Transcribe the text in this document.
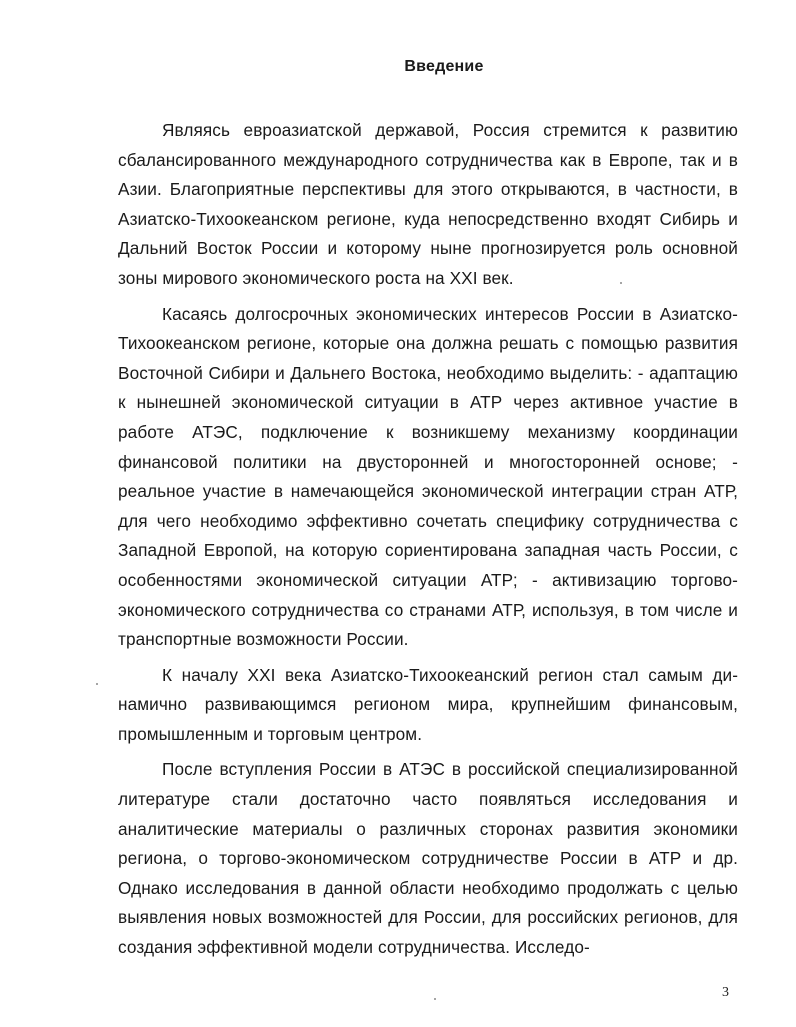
Введение

Являясь евроазиатской державой, Россия стремится к развитию сбалансированного международного сотрудничества как в Европе, так и в Азии. Благоприятные перспективы для этого открываются, в частности, в Азиатско-Тихоокеанском регионе, куда непосредственно входят Сибирь и Дальний Восток России и которому ныне прогнозируется роль основной зоны мирового экономического роста на XXI век.

Касаясь долгосрочных экономических интересов России в Азиатско-Тихоокеанском регионе, которые она должна решать с помощью развития Восточной Сибири и Дальнего Востока, необходимо выделить: - адаптацию к нынешней экономической ситуации в АТР через активное участие в работе АТЭС, подключение к возникшему механизму координации финансовой политики на двусторонней и многосторонней основе; - реальное участие в намечающейся экономической интеграции стран АТР, для чего необходимо эффективно сочетать специфику сотрудничества с Западной Европой, на которую сориентирована западная часть России, с особенностями экономической ситуации АТР; - активизацию торгово-экономического сотрудничества со странами АТР, используя, в том числе и транспортные возможности России.

К началу XXI века Азиатско-Тихоокеанский регион стал самым динамично развивающимся регионом мира, крупнейшим финансовым, промышленным и торговым центром.

После вступления России в АТЭС в российской специализированной литературе стали достаточно часто появляться исследования и аналитические материалы о различных сторонах развития экономики региона, о торгово-экономическом сотрудничестве России в АТР и др. Однако исследования в данной области необходимо продолжать с целью выявления новых возможностей для России, для российских регионов, для создания эффективной модели сотрудничества. Исследо-

3
